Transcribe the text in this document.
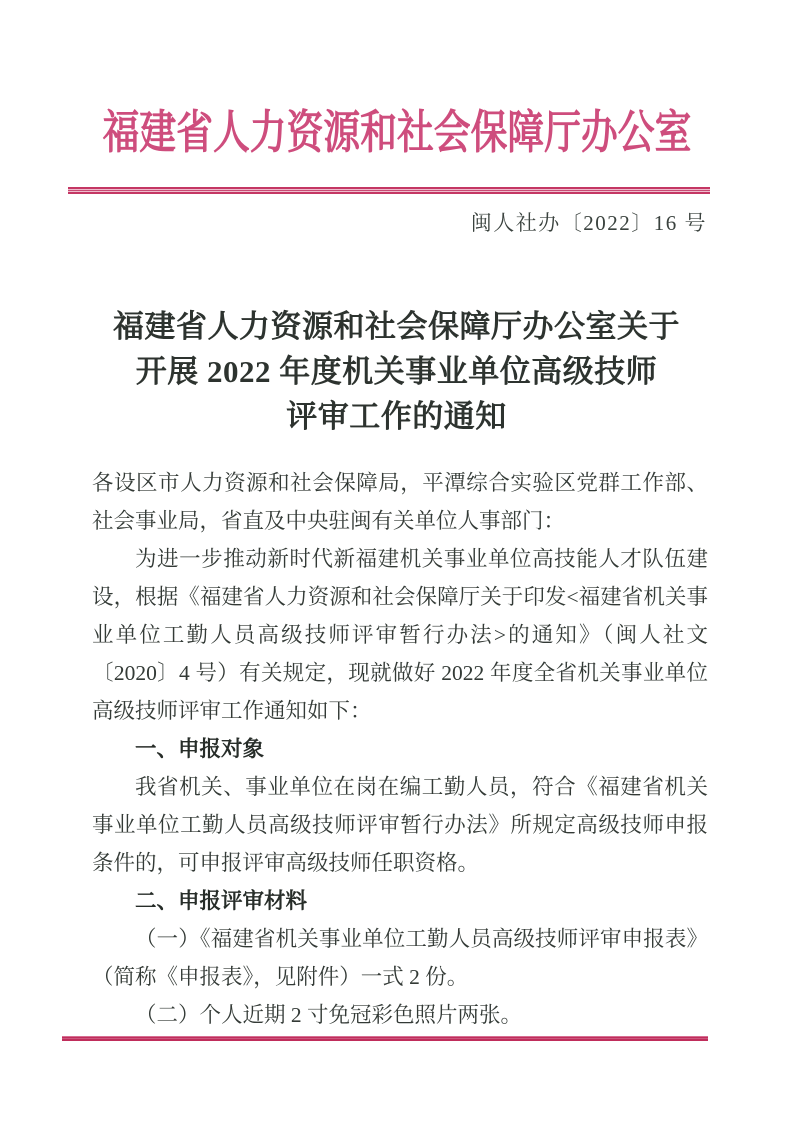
福建省人力资源和社会保障厅办公室
闽人社办〔2022〕16 号
福建省人力资源和社会保障厅办公室关于
开展 2022 年度机关事业单位高级技师
评审工作的通知

各设区市人力资源和社会保障局，平潭综合实验区党群工作部、社会事业局，省直及中央驻闽有关单位人事部门：

为进一步推动新时代新福建机关事业单位高技能人才队伍建设，根据《福建省人力资源和社会保障厅关于印发<福建省机关事业单位工勤人员高级技师评审暂行办法>的通知》（闽人社文〔2020〕4 号）有关规定，现就做好 2022 年度全省机关事业单位高级技师评审工作通知如下：

一、申报对象

我省机关、事业单位在岗在编工勤人员，符合《福建省机关事业单位工勤人员高级技师评审暂行办法》所规定高级技师申报条件的，可申报评审高级技师任职资格。

二、申报评审材料

（一）《福建省机关事业单位工勤人员高级技师评审申报表》（简称《申报表》，见附件）一式 2 份。

（二）个人近期 2 寸免冠彩色照片两张。
